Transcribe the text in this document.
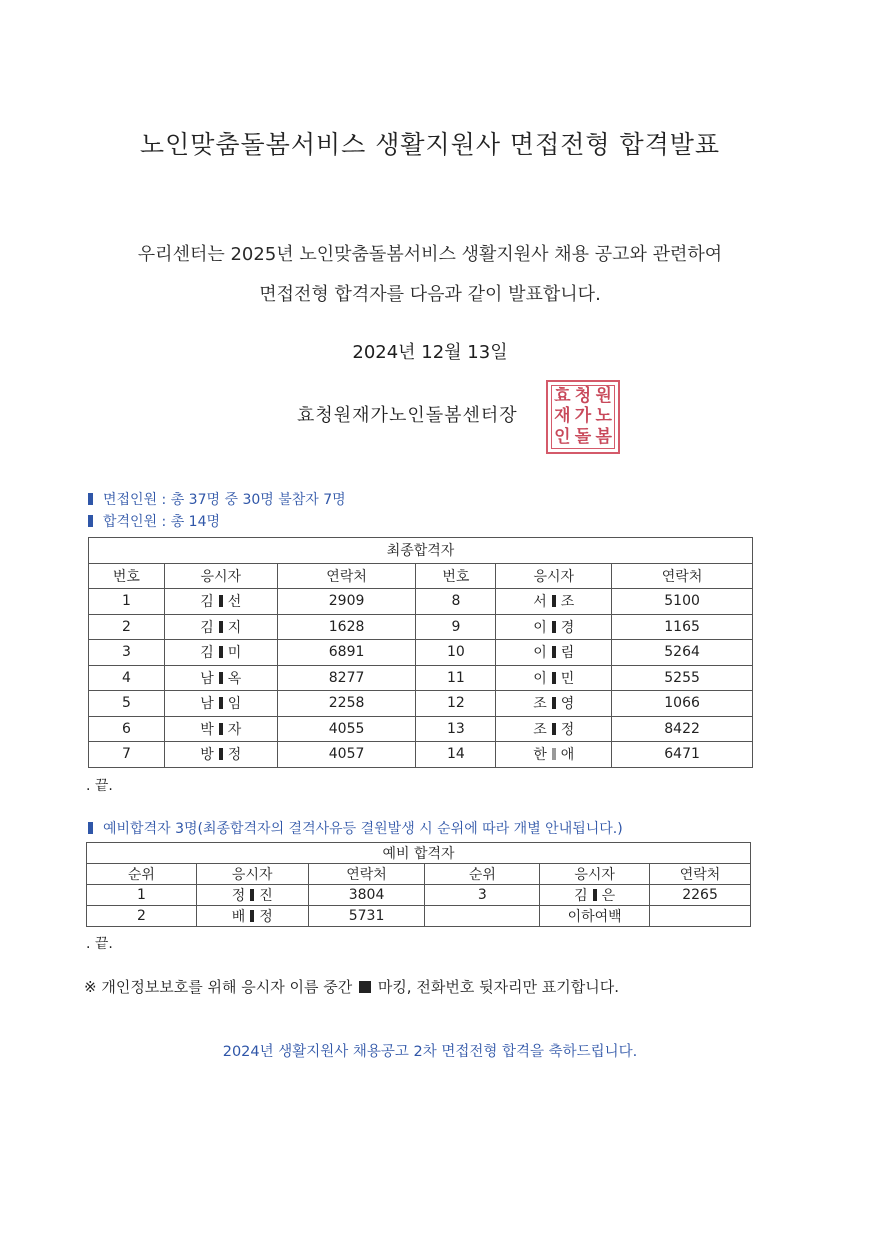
노인맞춤돌봄서비스 생활지원사 면접전형 합격발표
우리센터는 2025년 노인맞춤돌봄서비스 생활지원사 채용 공고와 관련하여
면접전형 합격자를 다음과 같이 발표합니다.
2024년 12월 13일
효청원재가노인돌봄센터장
효 청 원
재 가 노
인 돌 봄
면접인원 : 총 37명 중 30명 불참자 7명
합격인원 : 총 14명
최종합격자					
번호	응시자	연락처	번호	응시자	연락처
1	김 선	2909	8	서 조	5100
2	김 지	1628	9	이 경	1165
3	김 미	6891	10	이 림	5264
4	남 옥	8277	11	이 민	5255
5	남 임	2258	12	조 영	1066
6	박 자	4055	13	조 정	8422
7	방 정	4057	14	한 애	6471
. 끝.
예비합격자 3명(최종합격자의 결격사유등 결원발생 시 순위에 따라 개별 안내됩니다.)
예비 합격자					
순위	응시자	연락처	순위	응시자	연락처
1	정 진	3804	3	김 은	2265
2	배 정	5731		이하여백	
. 끝.
※ 개인정보보호를 위해 응시자 이름 중간 마킹, 전화번호 뒷자리만 표기합니다.
2024년 생활지원사 채용공고 2차 면접전형 합격을 축하드립니다.
